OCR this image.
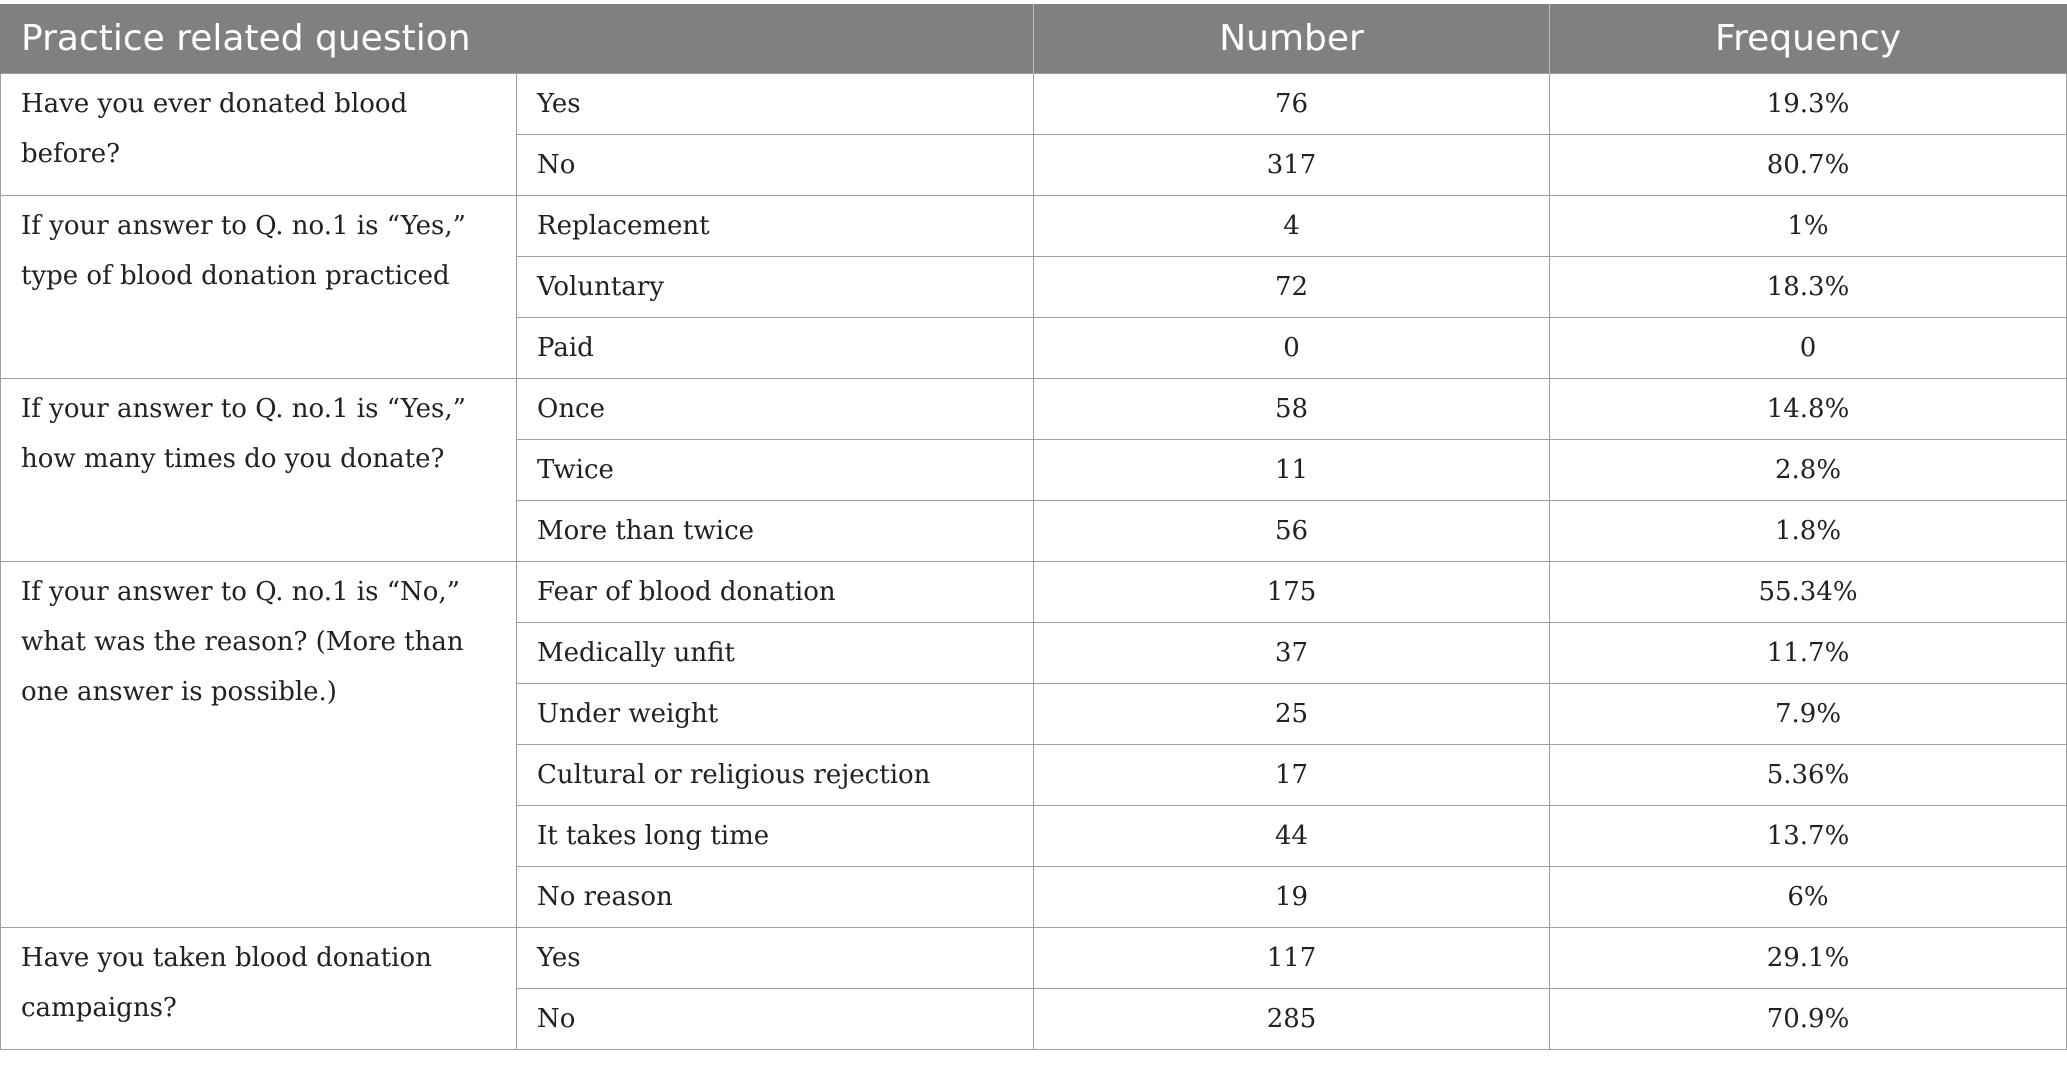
Practice related question		Number	Frequency
Have you ever donated blood before?	Yes	76	19.3%
	No	317	80.7%
If your answer to Q. no.1 is “Yes,” type of blood donation practiced	Replacement	4	1%
	Voluntary	72	18.3%
	Paid	0	0
If your answer to Q. no.1 is “Yes,” how many times do you donate?	Once	58	14.8%
	Twice	11	2.8%
	More than twice	56	1.8%
If your answer to Q. no.1 is “No,” what was the reason? (More than one answer is possible.)	Fear of blood donation	175	55.34%
	Medically unfit	37	11.7%
	Under weight	25	7.9%
	Cultural or religious rejection	17	5.36%
	It takes long time	44	13.7%
	No reason	19	6%
Have you taken blood donation campaigns?	Yes	117	29.1%
	No	285	70.9%
